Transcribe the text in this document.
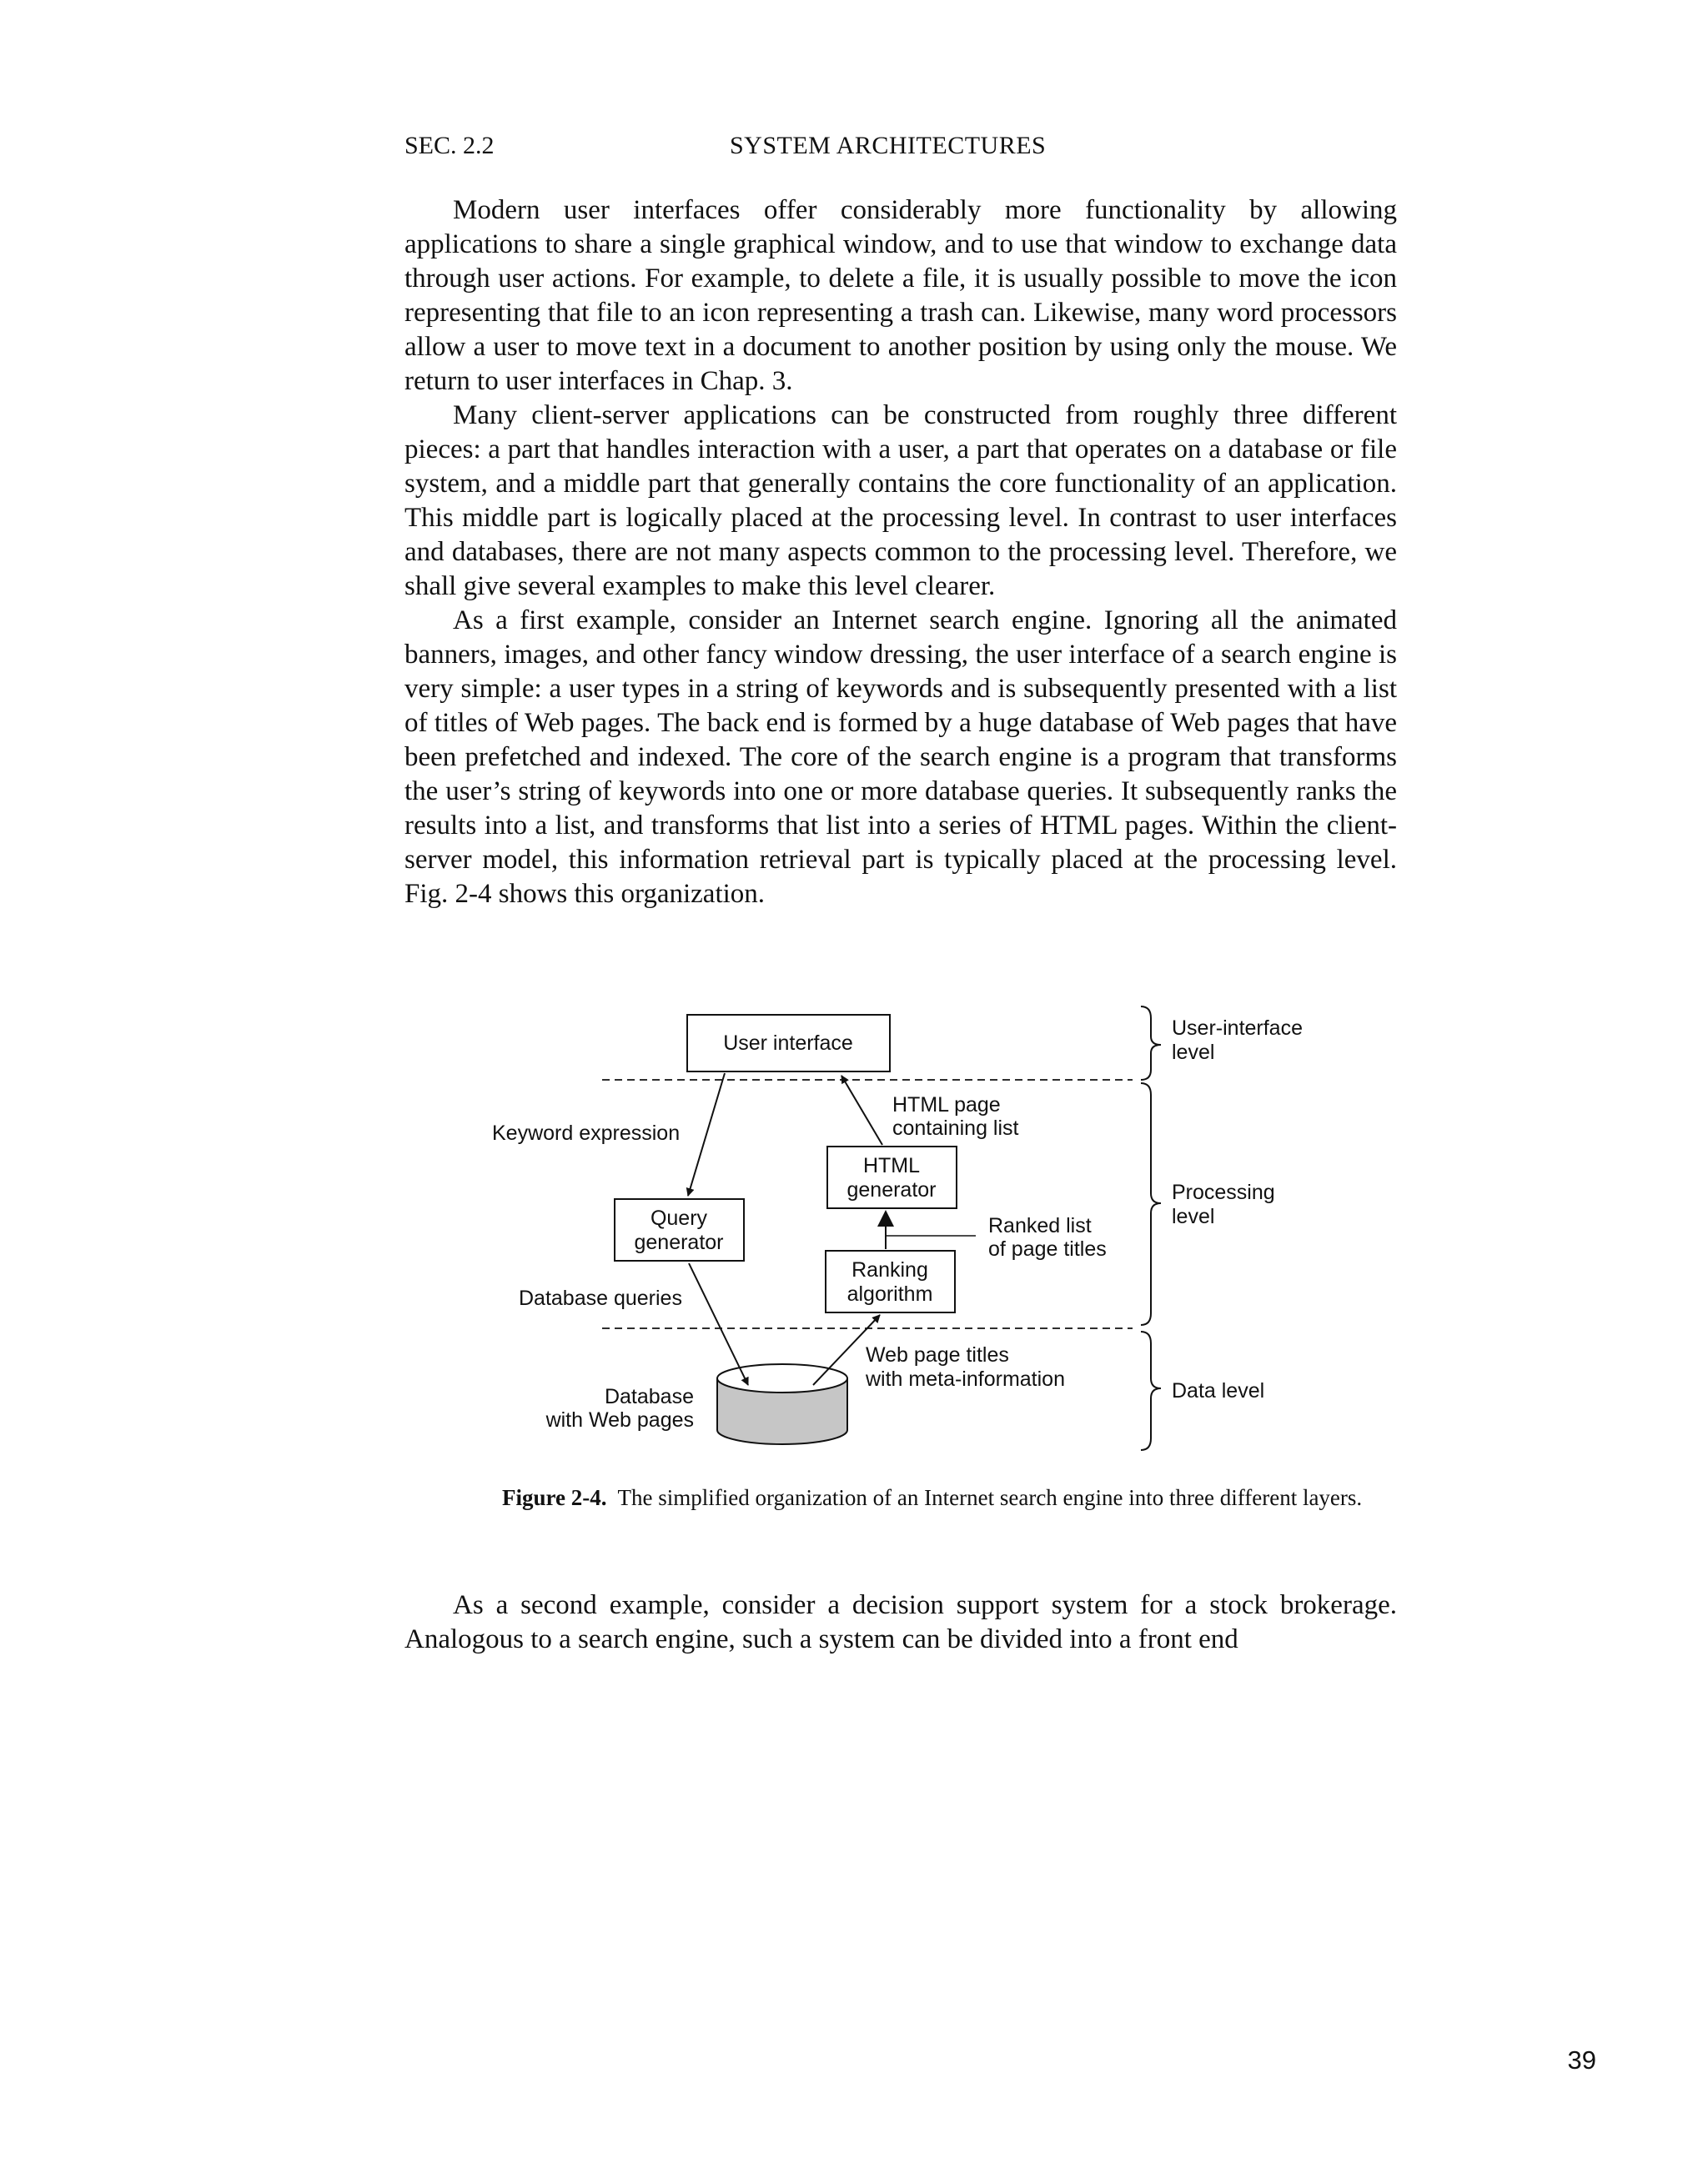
SEC. 2.2	SYSTEM ARCHITECTURES

Modern user interfaces offer considerably more functionality by allowing applications to share a single graphical window, and to use that window to exchange data through user actions. For example, to delete a file, it is usually possible to move the icon representing that file to an icon representing a trash can. Likewise, many word processors allow a user to move text in a document to another position by using only the mouse. We return to user interfaces in Chap. 3.

Many client-server applications can be constructed from roughly three different pieces: a part that handles interaction with a user, a part that operates on a database or file system, and a middle part that generally contains the core functionality of an application. This middle part is logically placed at the processing level. In contrast to user interfaces and databases, there are not many aspects common to the processing level. Therefore, we shall give several examples to make this level clearer.

As a first example, consider an Internet search engine. Ignoring all the animated banners, images, and other fancy window dressing, the user interface of a search engine is very simple: a user types in a string of keywords and is subsequently presented with a list of titles of Web pages. The back end is formed by a huge database of Web pages that have been prefetched and indexed. The core of the search engine is a program that transforms the user’s string of keywords into one or more database queries. It subsequently ranks the results into a list, and transforms that list into a series of HTML pages. Within the client-server model, this information retrieval part is typically placed at the processing level. Fig. 2-4 shows this organization.

User interface
HTML
generator
Query
generator
Ranking
algorithm
Keyword expression
HTML page
containing list
Ranked list
of page titles
Database queries
Web page titles
with meta-information
Database
with Web pages
User-interface
level
Processing
level
Data level
Figure 2-4. The simplified organization of an Internet search engine into three different layers.

As a second example, consider a decision support system for a stock brokerage. Analogous to a search engine, such a system can be divided into a front end

39
